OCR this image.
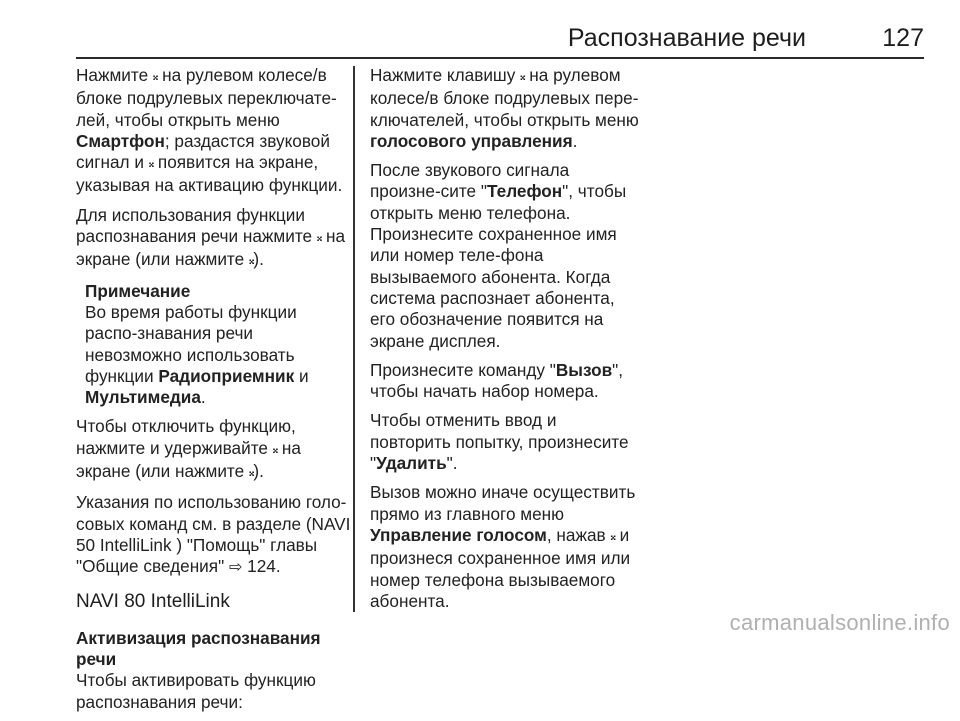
Распознавание речи	127

Нажмите 𝄪 на рулевом колесе/в блоке подрулевых переключате-лей, чтобы открыть меню Смартфон; раздастся звуковой сигнал и 𝄪 появится на экране, указывая на активацию функции.

Для использования функции распознавания речи нажмите 𝄪 на экране (или нажмите 𝄪).

Примечание
Во время работы функции распо-знавания речи невозможно использовать функции Радиоприемник и Мультимедиа.

Чтобы отключить функцию, нажмите и удерживайте 𝄪 на экране (или нажмите 𝄪).

Указания по использованию голо-совых команд см. в разделе (NAVI 50 IntelliLink ) "Помощь" главы "Общие сведения" ⇨ 124.

NAVI 80 IntelliLink
Активизация распознавания речи

Чтобы активировать функцию распознавания речи:

Нажмите клавишу 𝄪 на рулевом колесе/в блоке подрулевых пере-ключателей, чтобы открыть меню голосового управления.

После звукового сигнала произне-сите "Телефон", чтобы открыть меню телефона. Произнесите сохраненное имя или номер теле-фона вызываемого абонента. Когда система распознает абонента, его обозначение появится на экране дисплея.

Произнесите команду "Вызов", чтобы начать набор номера.

Чтобы отменить ввод и повторить попытку, произнесите "Удалить".

Вызов можно иначе осуществить прямо из главного меню Управление голосом, нажав 𝄪 и произнеся сохраненное имя или номер телефона вызываемого абонента.

carmanualsonline.info
